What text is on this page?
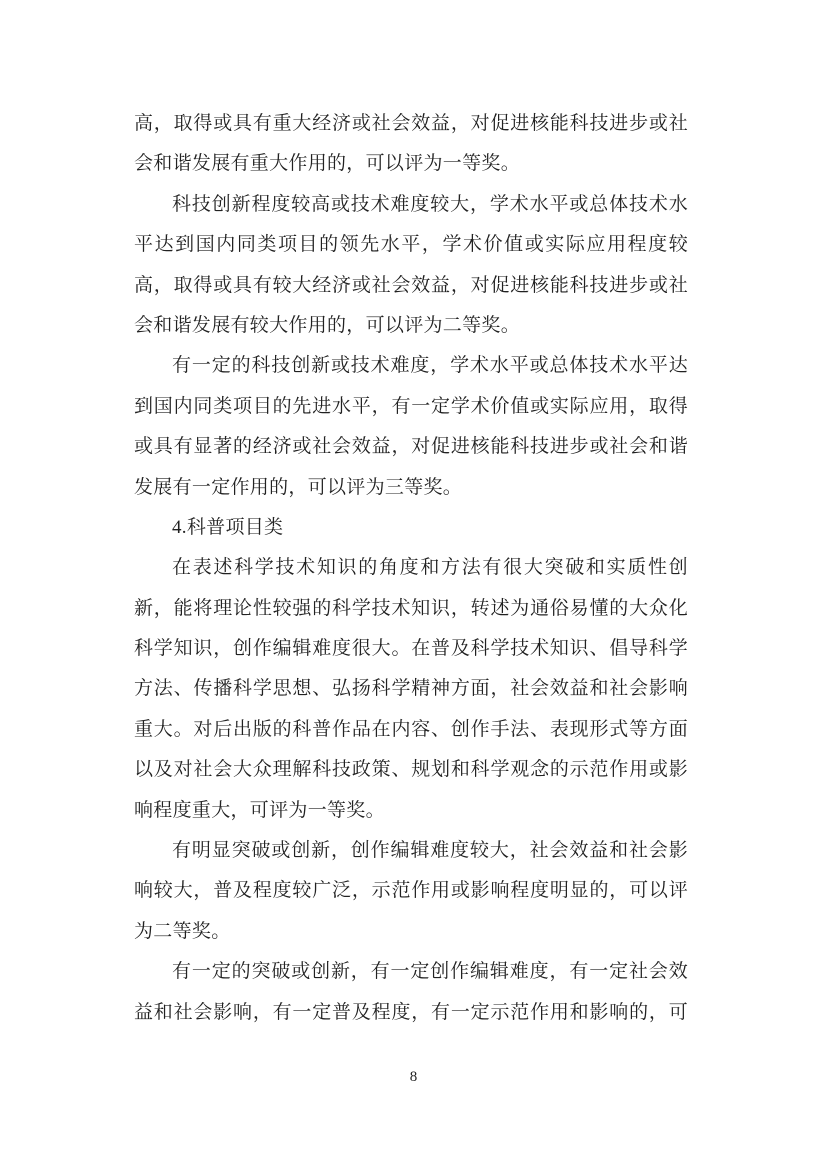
高，取得或具有重大经济或社会效益，对促进核能科技进步或社
会和谐发展有重大作用的，可以评为一等奖。
科技创新程度较高或技术难度较大，学术水平或总体技术水
平达到国内同类项目的领先水平，学术价值或实际应用程度较
高，取得或具有较大经济或社会效益，对促进核能科技进步或社
会和谐发展有较大作用的，可以评为二等奖。
有一定的科技创新或技术难度，学术水平或总体技术水平达
到国内同类项目的先进水平，有一定学术价值或实际应用，取得
或具有显著的经济或社会效益，对促进核能科技进步或社会和谐
发展有一定作用的，可以评为三等奖。
4.科普项目类
在表述科学技术知识的角度和方法有很大突破和实质性创
新，能将理论性较强的科学技术知识，转述为通俗易懂的大众化
科学知识，创作编辑难度很大。在普及科学技术知识、倡导科学
方法、传播科学思想、弘扬科学精神方面，社会效益和社会影响
重大。对后出版的科普作品在内容、创作手法、表现形式等方面
以及对社会大众理解科技政策、规划和科学观念的示范作用或影
响程度重大，可评为一等奖。
有明显突破或创新，创作编辑难度较大，社会效益和社会影
响较大，普及程度较广泛，示范作用或影响程度明显的，可以评
为二等奖。
有一定的突破或创新，有一定创作编辑难度，有一定社会效
益和社会影响，有一定普及程度，有一定示范作用和影响的，可
8
